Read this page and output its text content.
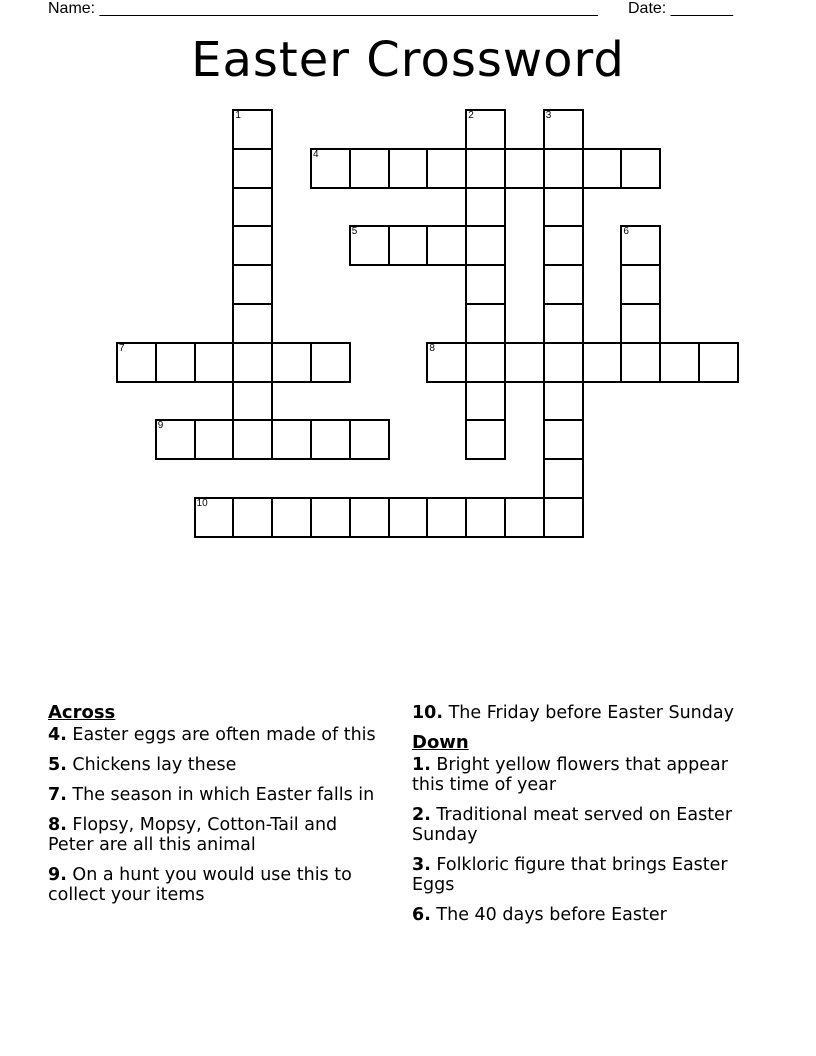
Name: ________________________________________________________ Date: _______
Easter Crossword
1	2	3
4
5	6
7	8
9
10
Across
4. Easter eggs are often made of this
5. Chickens lay these
7. The season in which Easter falls in
8. Flopsy, Mopsy, Cotton-Tail and Peter are all this animal
9. On a hunt you would use this to collect your items
10. The Friday before Easter Sunday
Down
1. Bright yellow flowers that appear this time of year
2. Traditional meat served on Easter Sunday
3. Folkloric figure that brings Easter Eggs
6. The 40 days before Easter
